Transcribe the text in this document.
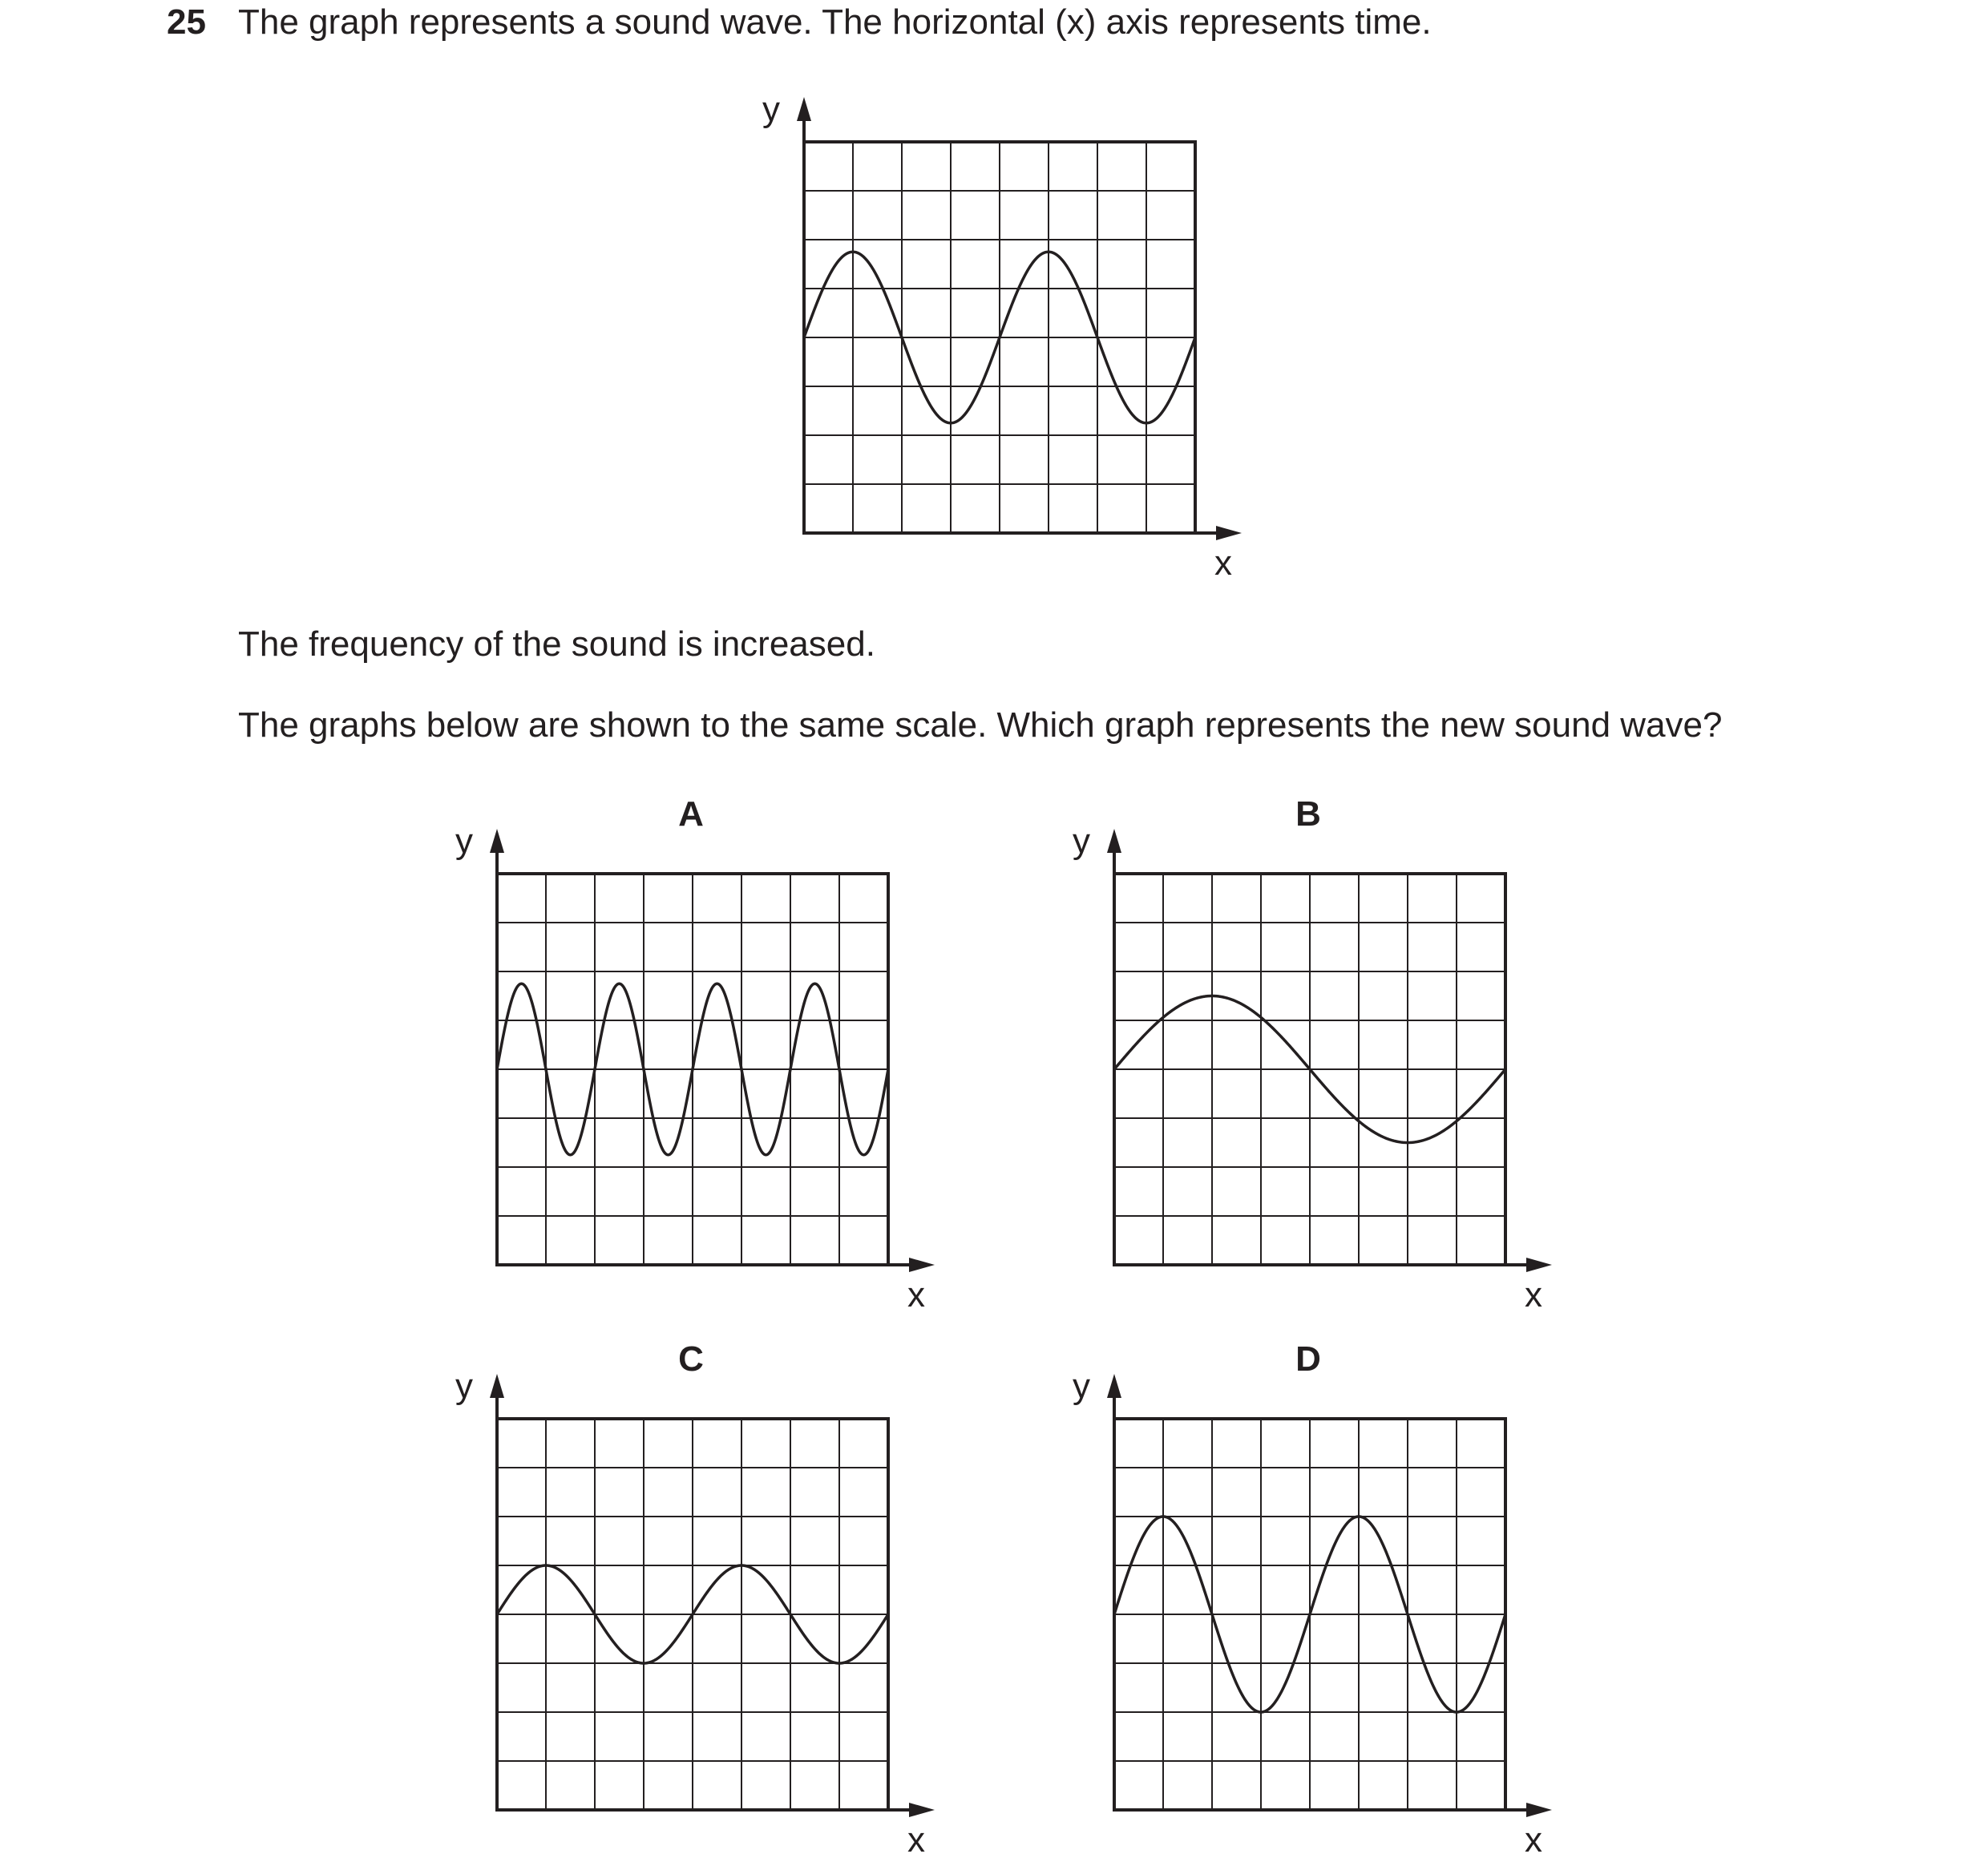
25 The graph represents a sound wave. The horizontal (x) axis represents time.
The frequency of the sound is increased.
The graphs below are shown to the same scale. Which graph represents the new sound wave?
y
x
y
x
A
y
x
B
y
x
C
y
x
D
